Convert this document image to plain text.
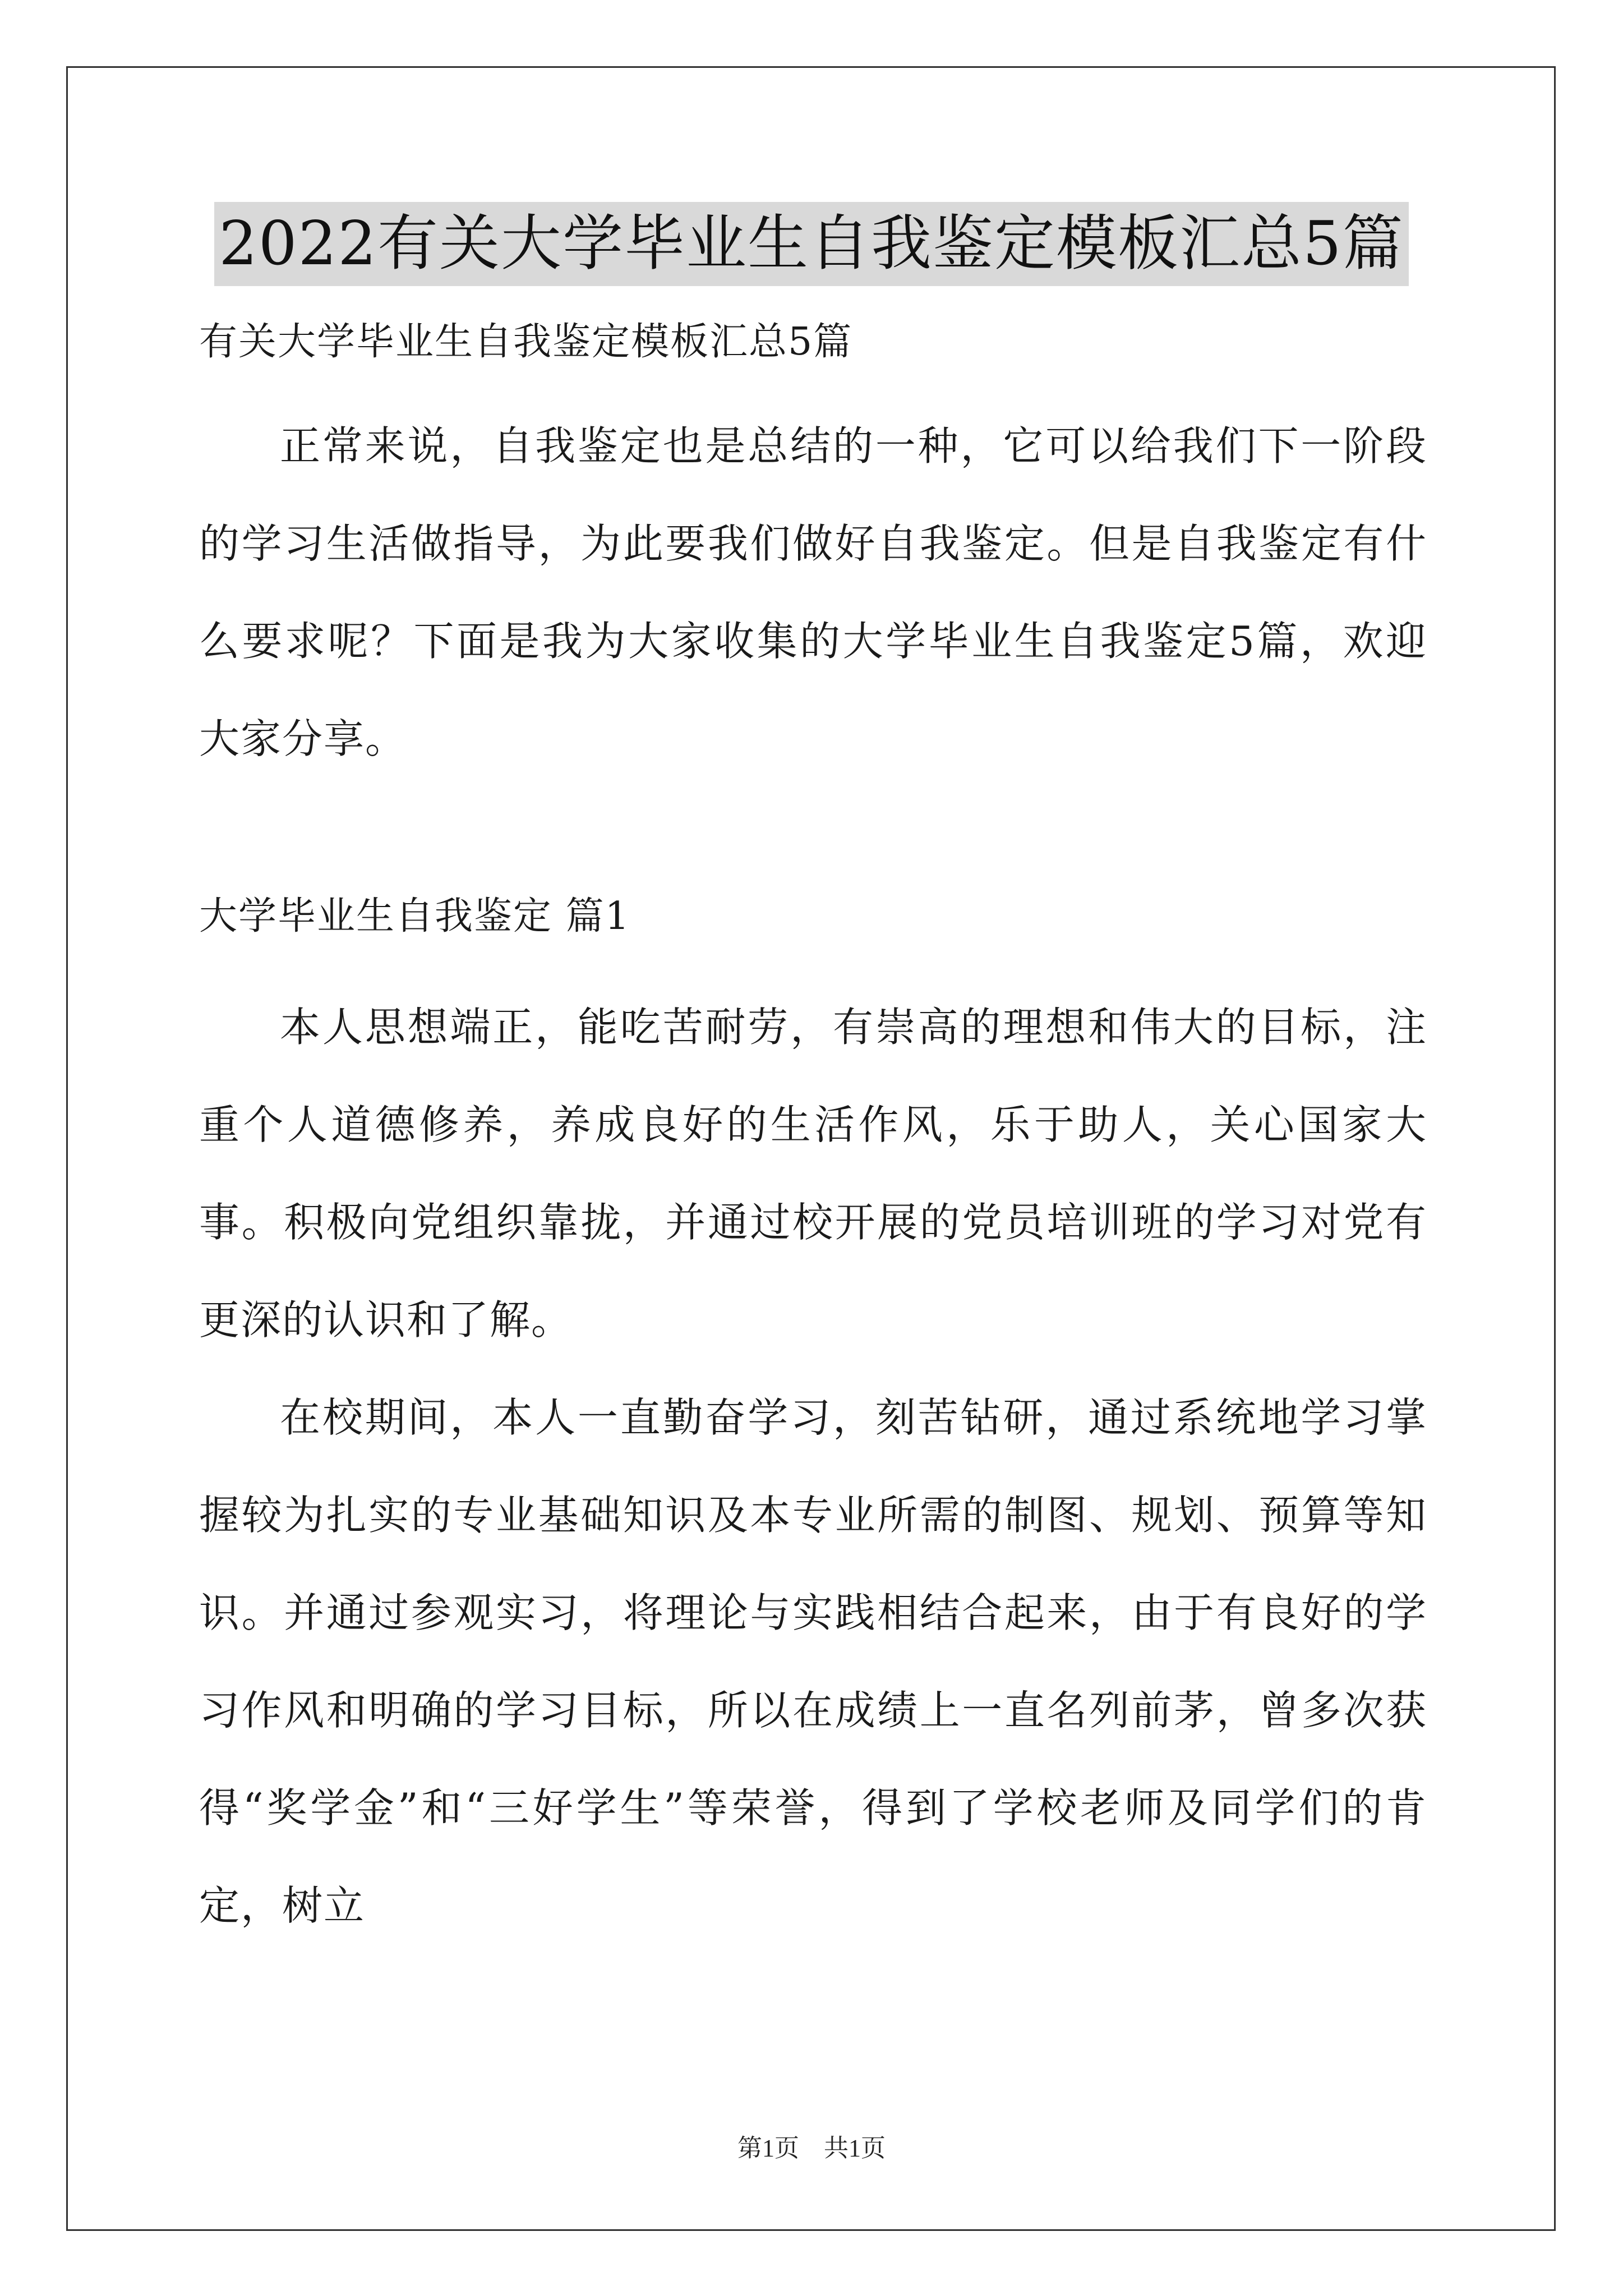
2022有关大学毕业生自我鉴定模板汇总5篇

有关大学毕业生自我鉴定模板汇总5篇

正常来说，自我鉴定也是总结的一种，它可以给我们下一阶段的学习生活做指导，为此要我们做好自我鉴定。但是自我鉴定有什么要求呢？下面是我为大家收集的大学毕业生自我鉴定5篇，欢迎大家分享。

大学毕业生自我鉴定 篇1

本人思想端正，能吃苦耐劳，有崇高的理想和伟大的目标，注重个人道德修养，养成良好的生活作风，乐于助人，关心国家大事。积极向党组织靠拢，并通过校开展的党员培训班的学习对党有更深的认识和了解。

在校期间，本人一直勤奋学习，刻苦钻研，通过系统地学习掌握较为扎实的专业基础知识及本专业所需的制图、规划、预算等知识。并通过参观实习，将理论与实践相结合起来，由于有良好的学习作风和明确的学习目标，所以在成绩上一直名列前茅，曾多次获得“奖学金”和“三好学生”等荣誉，得到了学校老师及同学们的肯定，树立

第1页　共1页
